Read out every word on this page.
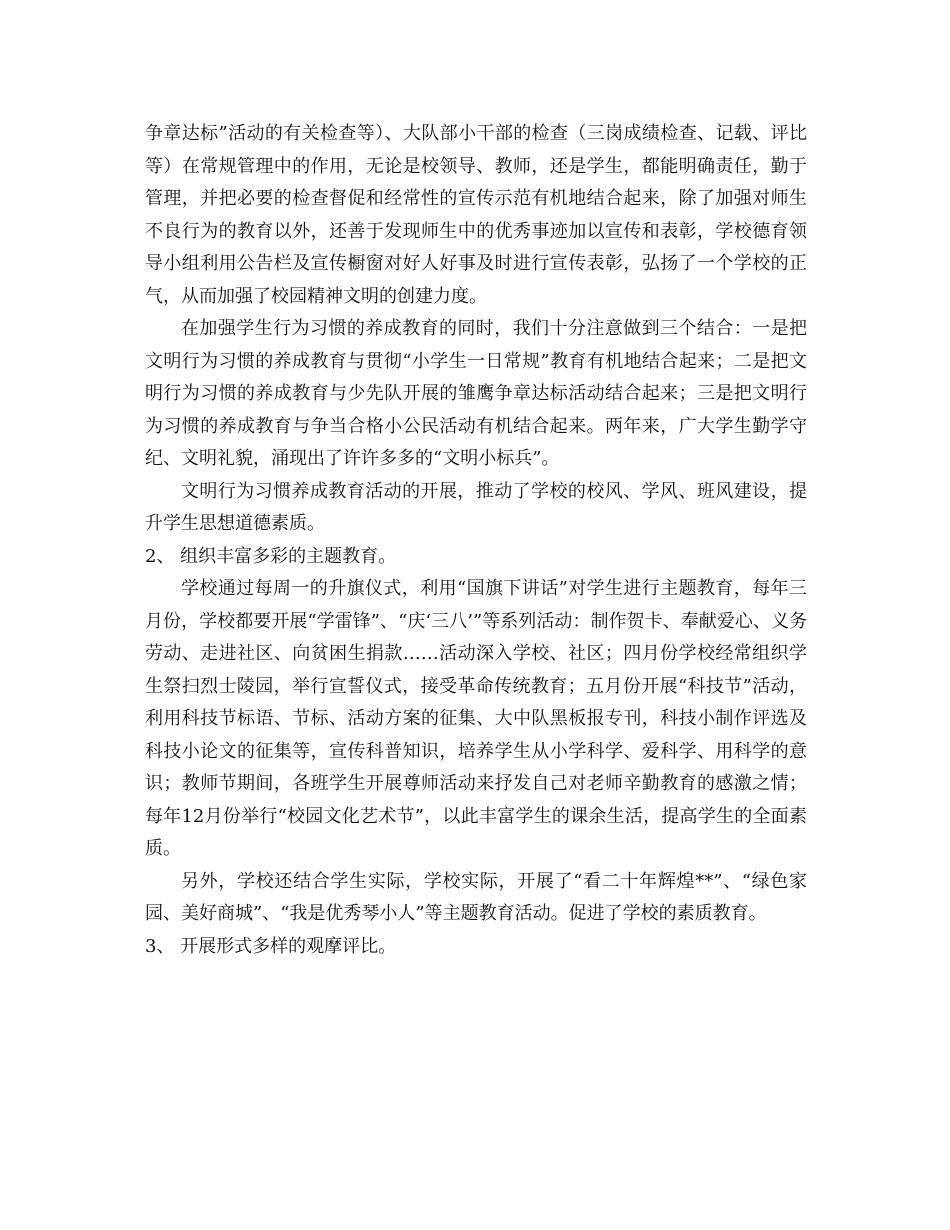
争章达标”活动的有关检查等）、大队部小干部的检查（三岗成绩检查、记载、评比等）在常规管理中的作用，无论是校领导、教师，还是学生，都能明确责任，勤于管理，并把必要的检查督促和经常性的宣传示范有机地结合起来，除了加强对师生不良行为的教育以外，还善于发现师生中的优秀事迹加以宣传和表彰，学校德育领导小组利用公告栏及宣传橱窗对好人好事及时进行宣传表彰，弘扬了一个学校的正气，从而加强了校园精神文明的创建力度。

在加强学生行为习惯的养成教育的同时，我们十分注意做到三个结合：一是把文明行为习惯的养成教育与贯彻“小学生一日常规”教育有机地结合起来；二是把文明行为习惯的养成教育与少先队开展的雏鹰争章达标活动结合起来；三是把文明行为习惯的养成教育与争当合格小公民活动有机结合起来。两年来，广大学生勤学守纪、文明礼貌，涌现出了许许多多的“文明小标兵”。

文明行为习惯养成教育活动的开展，推动了学校的校风、学风、班风建设，提升学生思想道德素质。

2、 组织丰富多彩的主题教育。

学校通过每周一的升旗仪式，利用“国旗下讲话”对学生进行主题教育，每年三月份，学校都要开展“学雷锋”、“庆‘三八’”等系列活动：制作贺卡、奉献爱心、义务劳动、走进社区、向贫困生捐款……活动深入学校、社区；四月份学校经常组织学生祭扫烈士陵园，举行宣誓仪式，接受革命传统教育；五月份开展“科技节”活动，利用科技节标语、节标、活动方案的征集、大中队黑板报专刊，科技小制作评选及科技小论文的征集等，宣传科普知识，培养学生从小学科学、爱科学、用科学的意识；教师节期间，各班学生开展尊师活动来抒发自己对老师辛勤教育的感激之情；每年12月份举行“校园文化艺术节”，以此丰富学生的课余生活，提高学生的全面素质。

另外，学校还结合学生实际，学校实际，开展了“看二十年辉煌**”、“绿色家园、美好商城”、“我是优秀琴小人”等主题教育活动。促进了学校的素质教育。

3、 开展形式多样的观摩评比。
